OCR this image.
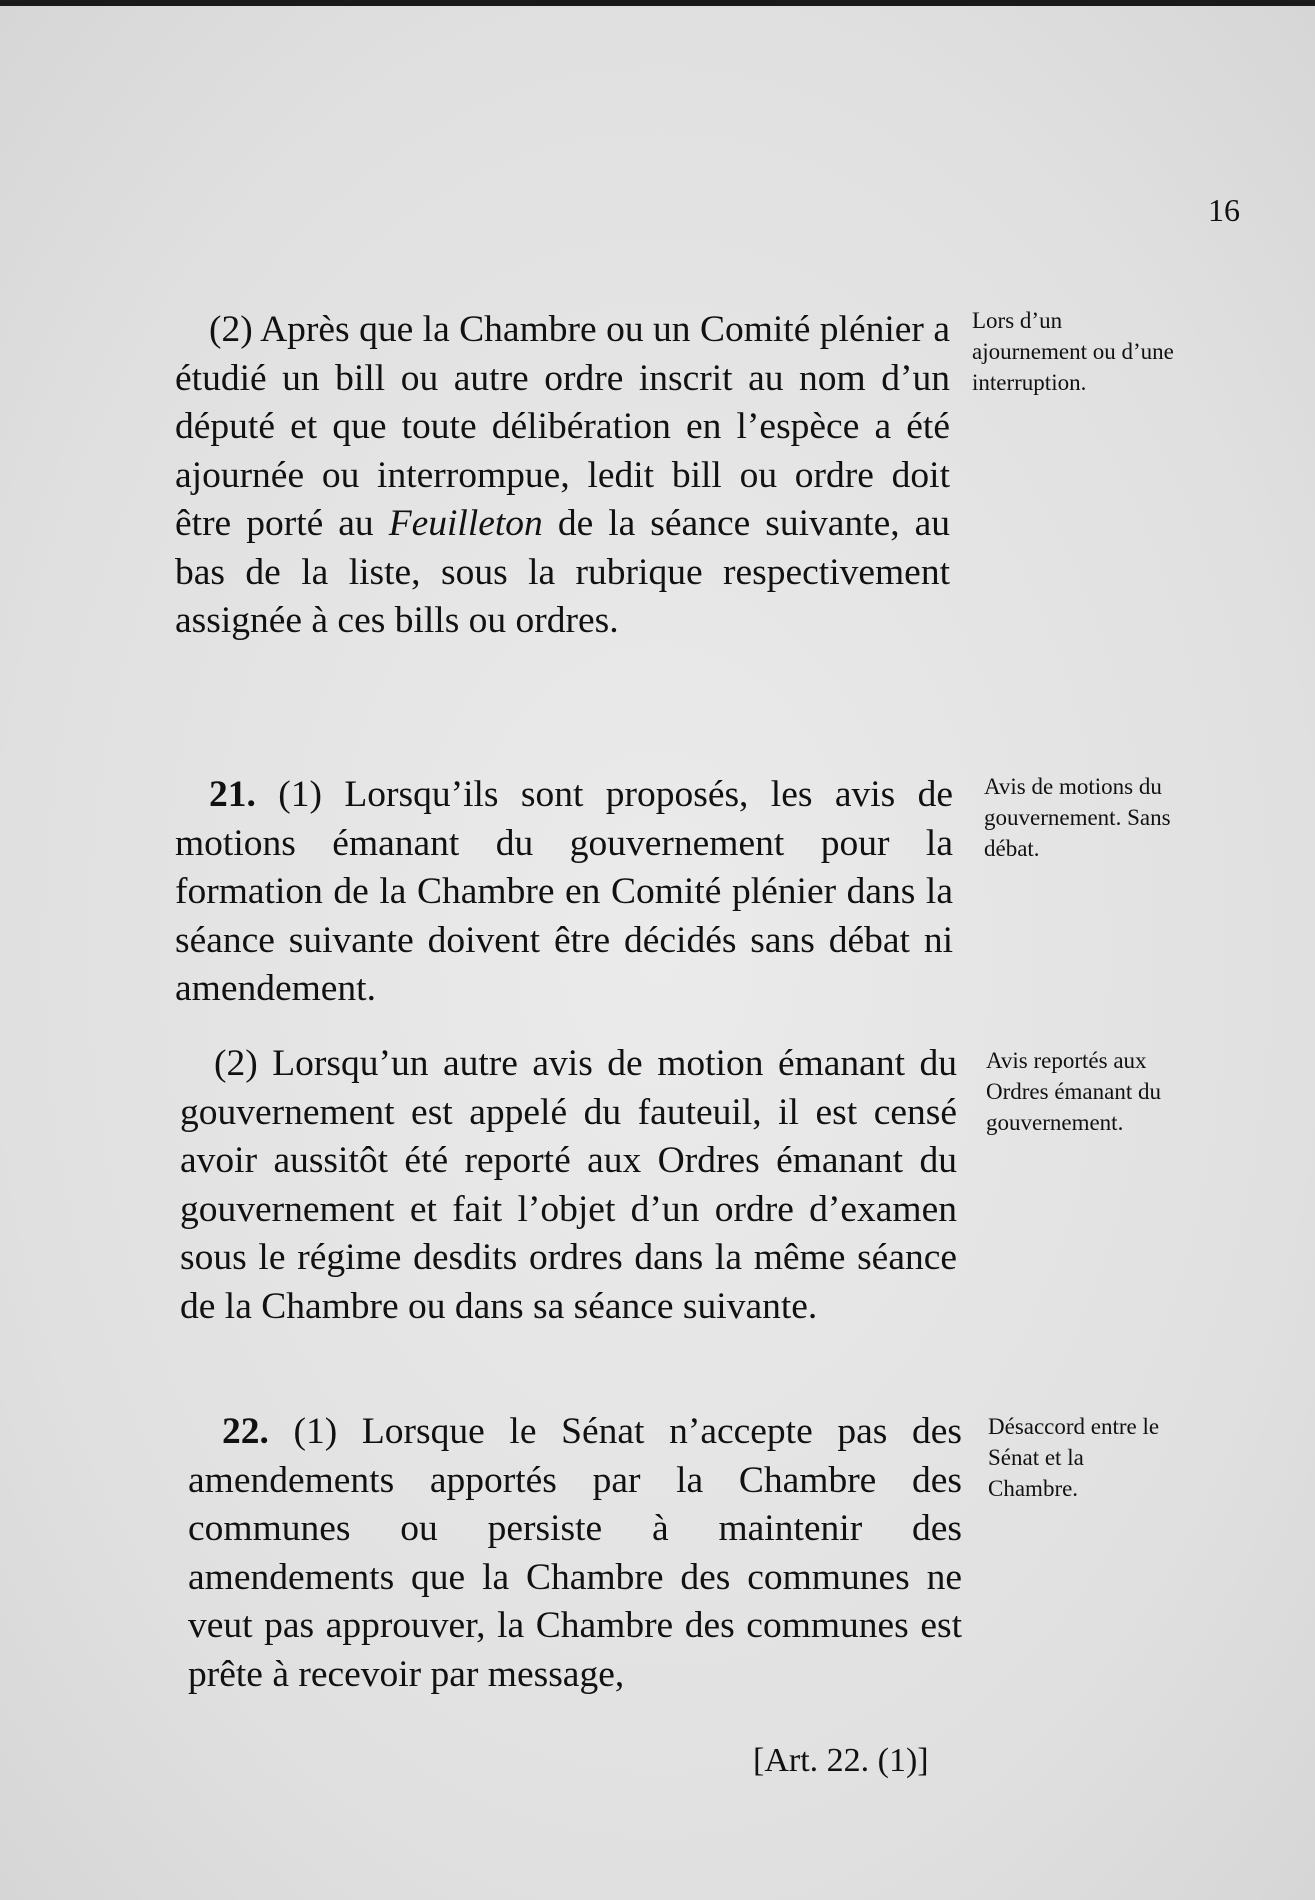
16

(2) Après que la Chambre ou un Comité plénier a étudié un bill ou autre ordre inscrit au nom d’un député et que toute délibération en l’espèce a été ajournée ou interrompue, ledit bill ou ordre doit être porté au Feuilleton de la séance suivante, au bas de la liste, sous la rubrique respectivement assignée à ces bills ou ordres.

Lors d’un ajournement ou d’une interruption.

21. (1) Lorsqu’ils sont proposés, les avis de motions émanant du gouvernement pour la formation de la Chambre en Comité plénier dans la séance suivante doivent être décidés sans débat ni amendement.

Avis de motions du gouvernement. Sans débat.

(2) Lorsqu’un autre avis de motion émanant du gouvernement est appelé du fauteuil, il est censé avoir aussitôt été reporté aux Ordres émanant du gouvernement et fait l’objet d’un ordre d’examen sous le régime desdits ordres dans la même séance de la Chambre ou dans sa séance suivante.

Avis reportés aux Ordres émanant du gouvernement.

22. (1) Lorsque le Sénat n’accepte pas des amendements apportés par la Chambre des communes ou persiste à maintenir des amendements que la Chambre des communes ne veut pas approuver, la Chambre des communes est prête à recevoir par message,

Désaccord entre le Sénat et la Chambre.
[Art. 22. (1)]
